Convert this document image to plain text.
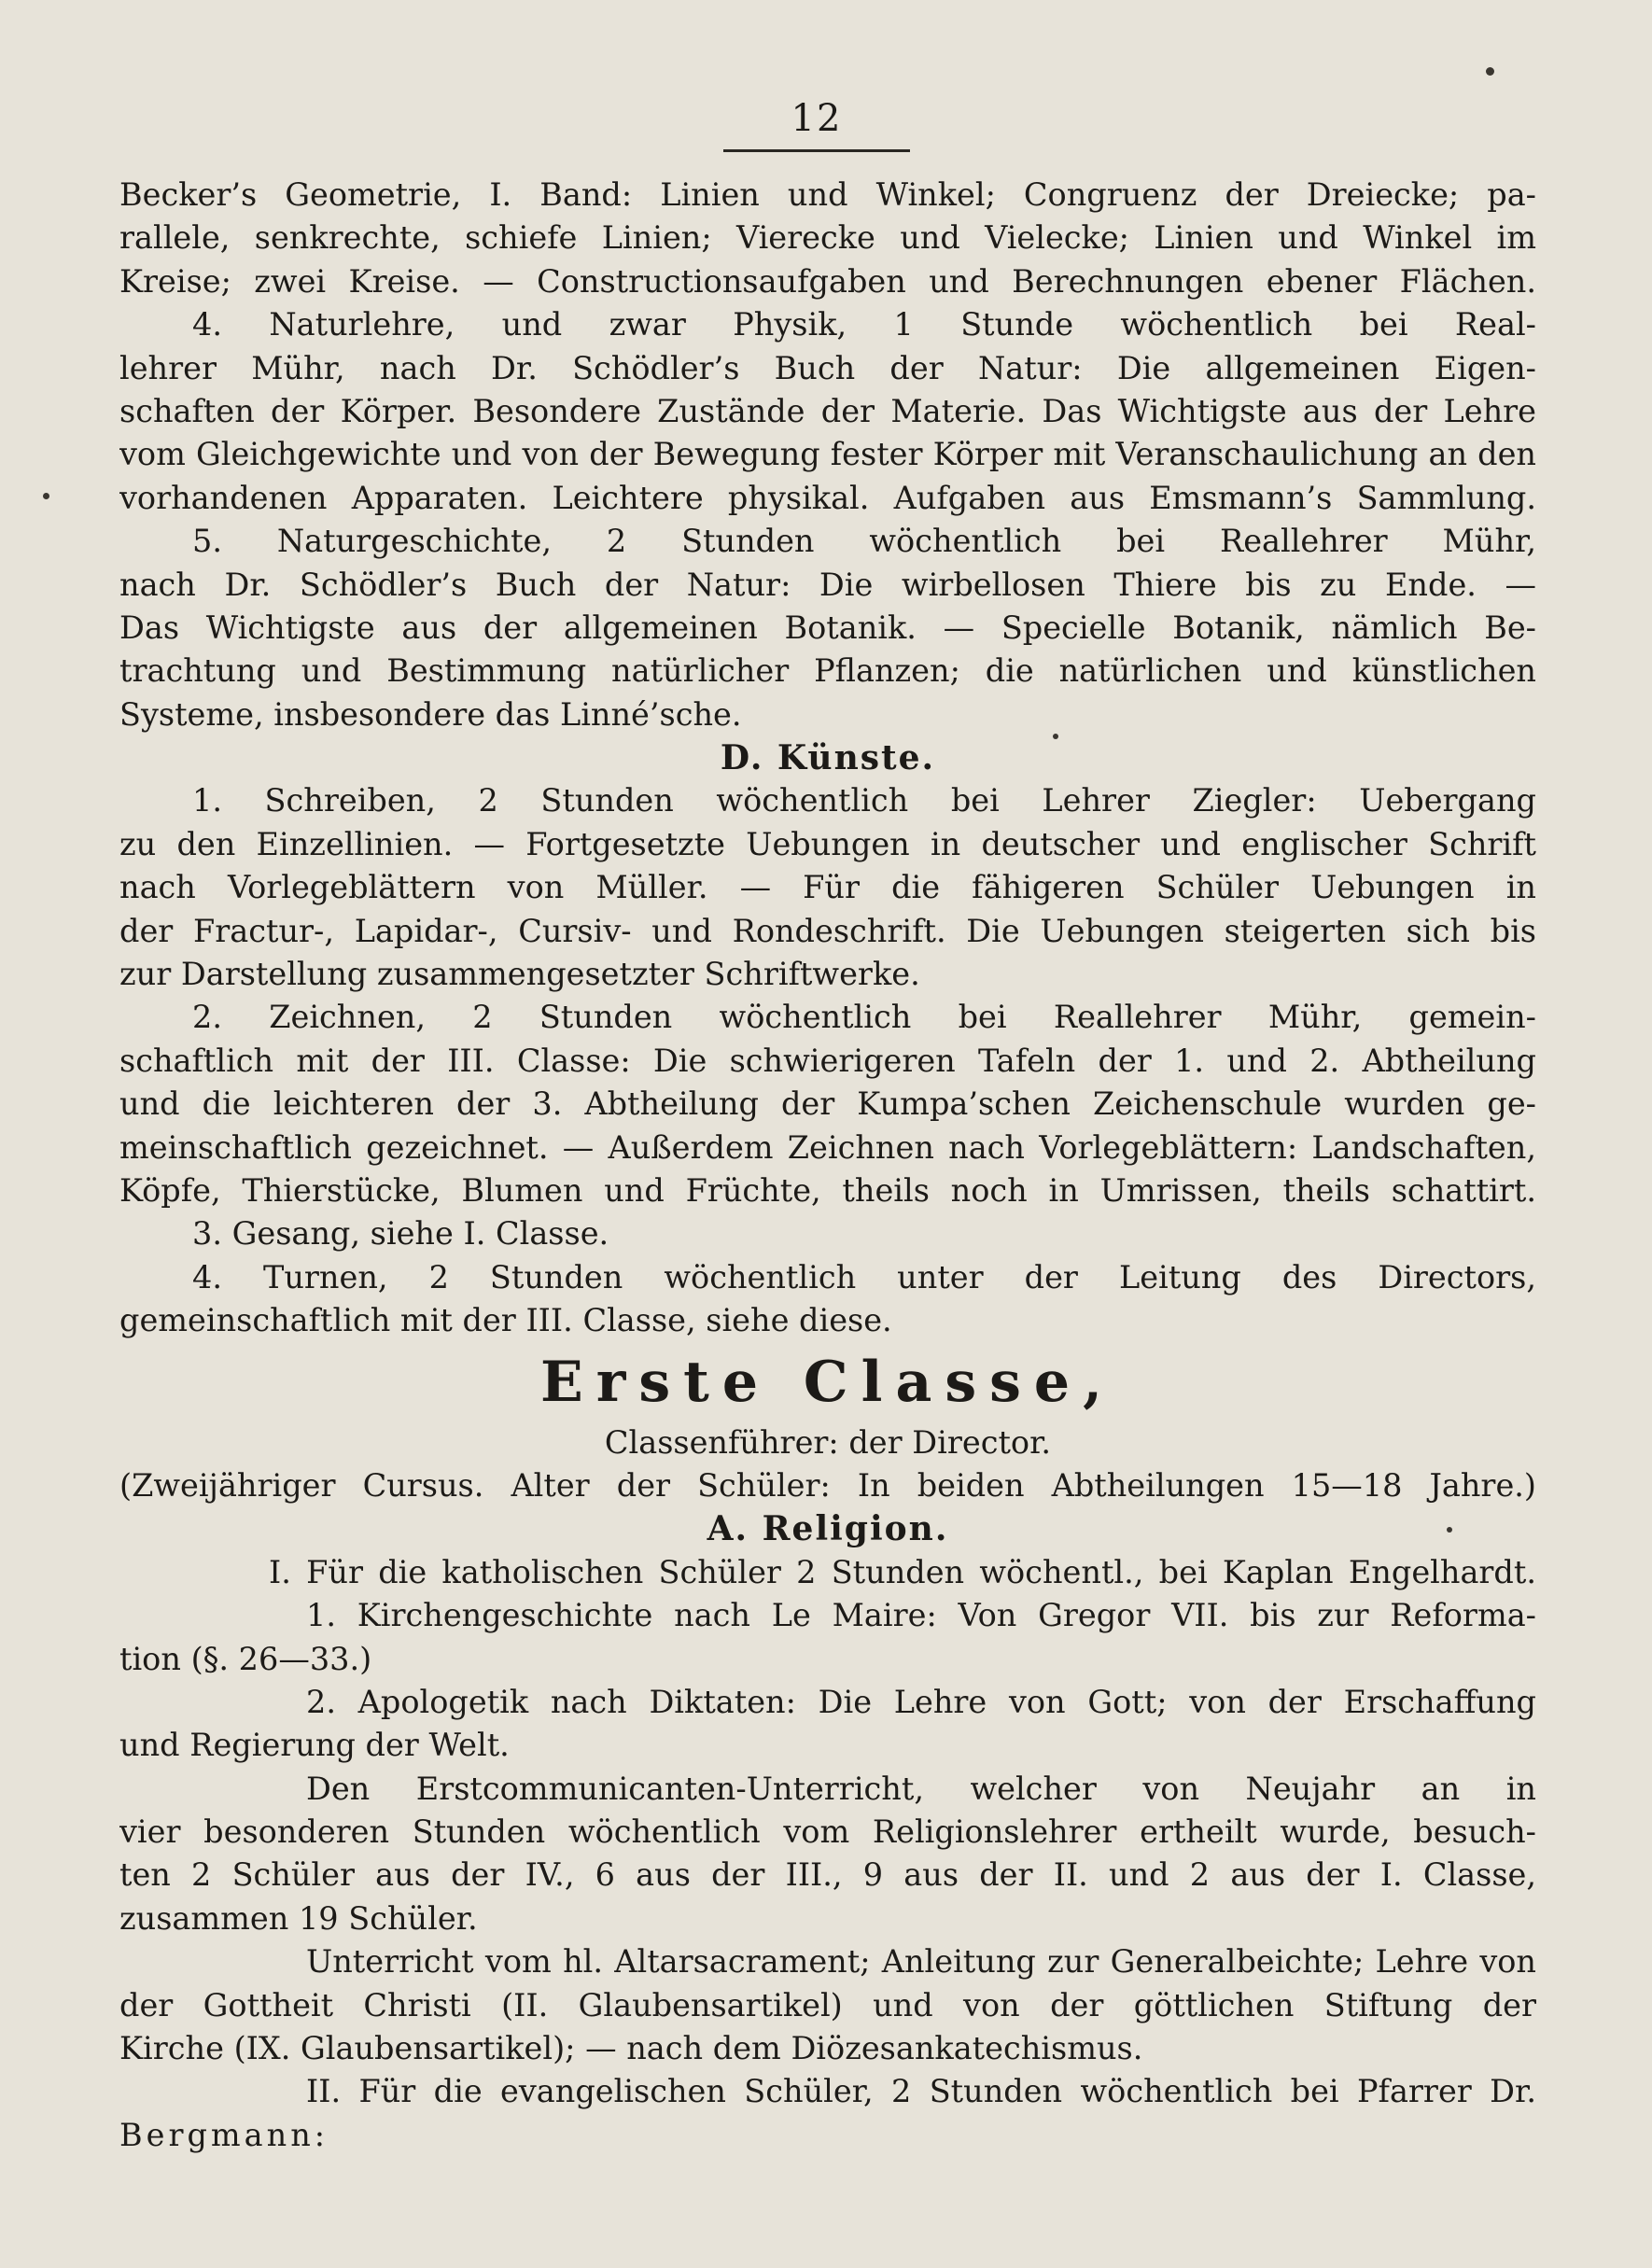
12
Becker’s Geometrie, I. Band: Linien und Winkel; Congruenz der Dreiecke; pa-
rallele, senkrechte, schiefe Linien; Vierecke und Vielecke; Linien und Winkel im
Kreise; zwei Kreise. — Constructionsaufgaben und Berechnungen ebener Flächen.
4. Naturlehre, und zwar Physik, 1 Stunde wöchentlich bei Real-
lehrer Mühr, nach Dr. Schödler’s Buch der Natur: Die allgemeinen Eigen-
schaften der Körper. Besondere Zustände der Materie. Das Wichtigste aus der Lehre
vom Gleichgewichte und von der Bewegung fester Körper mit Veranschaulichung an den
vorhandenen Apparaten. Leichtere physikal. Aufgaben aus Emsmann’s Sammlung.
5. Naturgeschichte, 2 Stunden wöchentlich bei Reallehrer Mühr,
nach Dr. Schödler’s Buch der Natur: Die wirbellosen Thiere bis zu Ende. —
Das Wichtigste aus der allgemeinen Botanik. — Specielle Botanik, nämlich Be-
trachtung und Bestimmung natürlicher Pflanzen; die natürlichen und künstlichen
Systeme, insbesondere das Linné’sche.
D. Künste.
1. Schreiben, 2 Stunden wöchentlich bei Lehrer Ziegler: Uebergang
zu den Einzellinien. — Fortgesetzte Uebungen in deutscher und englischer Schrift
nach Vorlegeblättern von Müller. — Für die fähigeren Schüler Uebungen in
der Fractur-, Lapidar-, Cursiv- und Rondeschrift. Die Uebungen steigerten sich bis
zur Darstellung zusammengesetzter Schriftwerke.
2. Zeichnen, 2 Stunden wöchentlich bei Reallehrer Mühr, gemein-
schaftlich mit der III. Classe: Die schwierigeren Tafeln der 1. und 2. Abtheilung
und die leichteren der 3. Abtheilung der Kumpa’schen Zeichenschule wurden ge-
meinschaftlich gezeichnet. — Außerdem Zeichnen nach Vorlegeblättern: Landschaften,
Köpfe, Thierstücke, Blumen und Früchte, theils noch in Umrissen, theils schattirt.
3. Gesang, siehe I. Classe.
4. Turnen, 2 Stunden wöchentlich unter der Leitung des Directors,
gemeinschaftlich mit der III. Classe, siehe diese.
Erste Classe,
Classenführer: der Director.
(Zweijähriger Cursus. Alter der Schüler: In beiden Abtheilungen 15—18 Jahre.)
A. Religion.
I. Für die katholischen Schüler 2 Stunden wöchentl., bei Kaplan Engelhardt.
1. Kirchengeschichte nach Le Maire: Von Gregor VII. bis zur Reforma-
tion (§. 26—33.)
2. Apologetik nach Diktaten: Die Lehre von Gott; von der Erschaffung
und Regierung der Welt.
Den Erstcommunicanten-Unterricht, welcher von Neujahr an in
vier besonderen Stunden wöchentlich vom Religionslehrer ertheilt wurde, besuch-
ten 2 Schüler aus der IV., 6 aus der III., 9 aus der II. und 2 aus der I. Classe,
zusammen 19 Schüler.
Unterricht vom hl. Altarsacrament; Anleitung zur Generalbeichte; Lehre von
der Gottheit Christi (II. Glaubensartikel) und von der göttlichen Stiftung der
Kirche (IX. Glaubensartikel); — nach dem Diözesankatechismus.
II. Für die evangelischen Schüler, 2 Stunden wöchentlich bei Pfarrer Dr.
Bergmann:
